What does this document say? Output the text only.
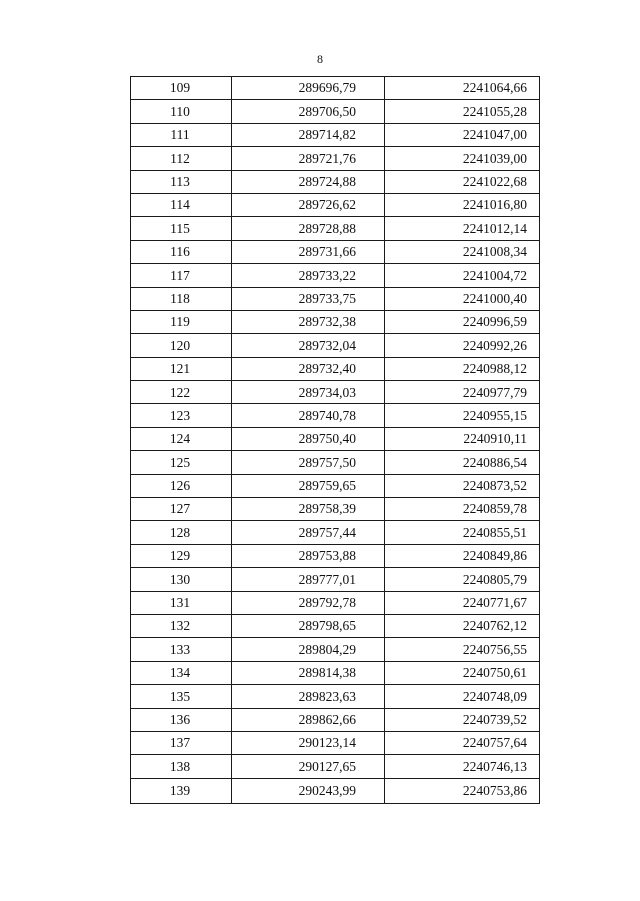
8
109	289696,79	2241064,66
110	289706,50	2241055,28
111	289714,82	2241047,00
112	289721,76	2241039,00
113	289724,88	2241022,68
114	289726,62	2241016,80
115	289728,88	2241012,14
116	289731,66	2241008,34
117	289733,22	2241004,72
118	289733,75	2241000,40
119	289732,38	2240996,59
120	289732,04	2240992,26
121	289732,40	2240988,12
122	289734,03	2240977,79
123	289740,78	2240955,15
124	289750,40	2240910,11
125	289757,50	2240886,54
126	289759,65	2240873,52
127	289758,39	2240859,78
128	289757,44	2240855,51
129	289753,88	2240849,86
130	289777,01	2240805,79
131	289792,78	2240771,67
132	289798,65	2240762,12
133	289804,29	2240756,55
134	289814,38	2240750,61
135	289823,63	2240748,09
136	289862,66	2240739,52
137	290123,14	2240757,64
138	290127,65	2240746,13
139	290243,99	2240753,86
